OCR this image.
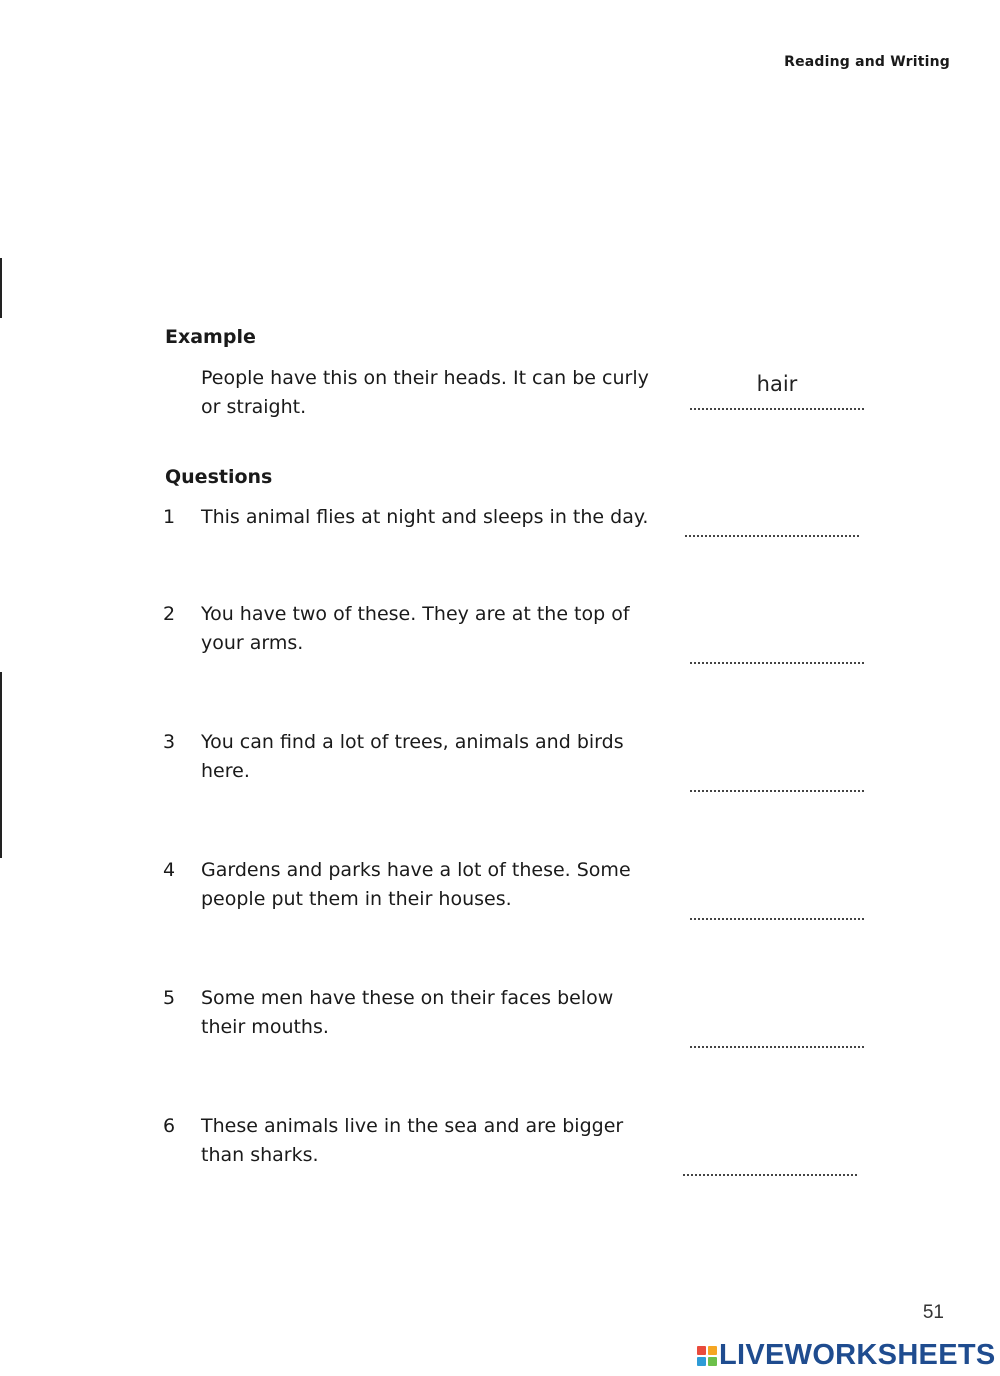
Reading and Writing
Example
People have this on their heads. It can be curly or straight.
hair
Questions
1 This animal flies at night and sleeps in the day.
2 You have two of these. They are at the top of your arms.
3 You can find a lot of trees, animals and birds here.
4 Gardens and parks have a lot of these. Some people put them in their houses.
5 Some men have these on their faces below their mouths.
6 These animals live in the sea and are bigger than sharks.
51
LIVEWORKSHEETS
